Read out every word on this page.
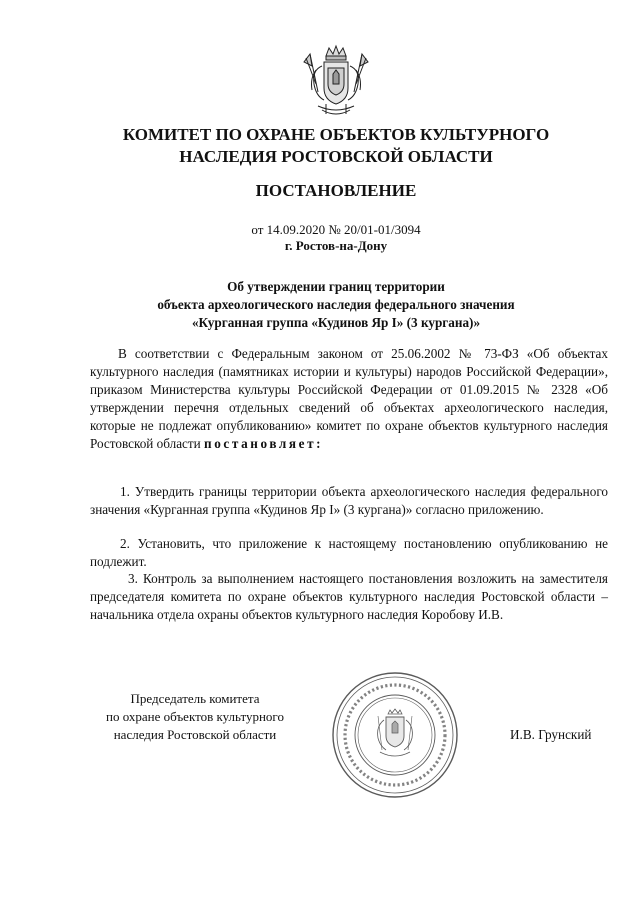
КОМИТЕТ ПО ОХРАНЕ ОБЪЕКТОВ КУЛЬТУРНОГО
НАСЛЕДИЯ РОСТОВСКОЙ ОБЛАСТИ
ПОСТАНОВЛЕНИЕ
от 14.09.2020 № 20/01-01/3094
г. Ростов-на-Дону
Об утверждении границ территории
объекта археологического наследия федерального значения
«Курганная группа «Кудинов Яр I» (3 кургана)»
В соответствии с Федеральным законом от 25.06.2002 № 73-ФЗ «Об объектах культурного наследия (памятниках истории и культуры) народов Российской Федерации», приказом Министерства культуры Российской Федерации от 01.09.2015 № 2328 «Об утверждении перечня отдельных сведений об объектах археологического наследия, которые не подлежат опубликованию» комитет по охране объектов культурного наследия Ростовской области постановляет:
1. Утвердить границы территории объекта археологического наследия федерального значения «Курганная группа «Кудинов Яр I» (3 кургана)» согласно приложению.
2. Установить, что приложение к настоящему постановлению опубликованию не подлежит.
3. Контроль за выполнением настоящего постановления возложить на заместителя председателя комитета по охране объектов культурного наследия Ростовской области – начальника отдела охраны объектов культурного наследия Коробову И.В.
Председатель комитета
по охране объектов культурного
наследия Ростовской области	И.В. Грунский
